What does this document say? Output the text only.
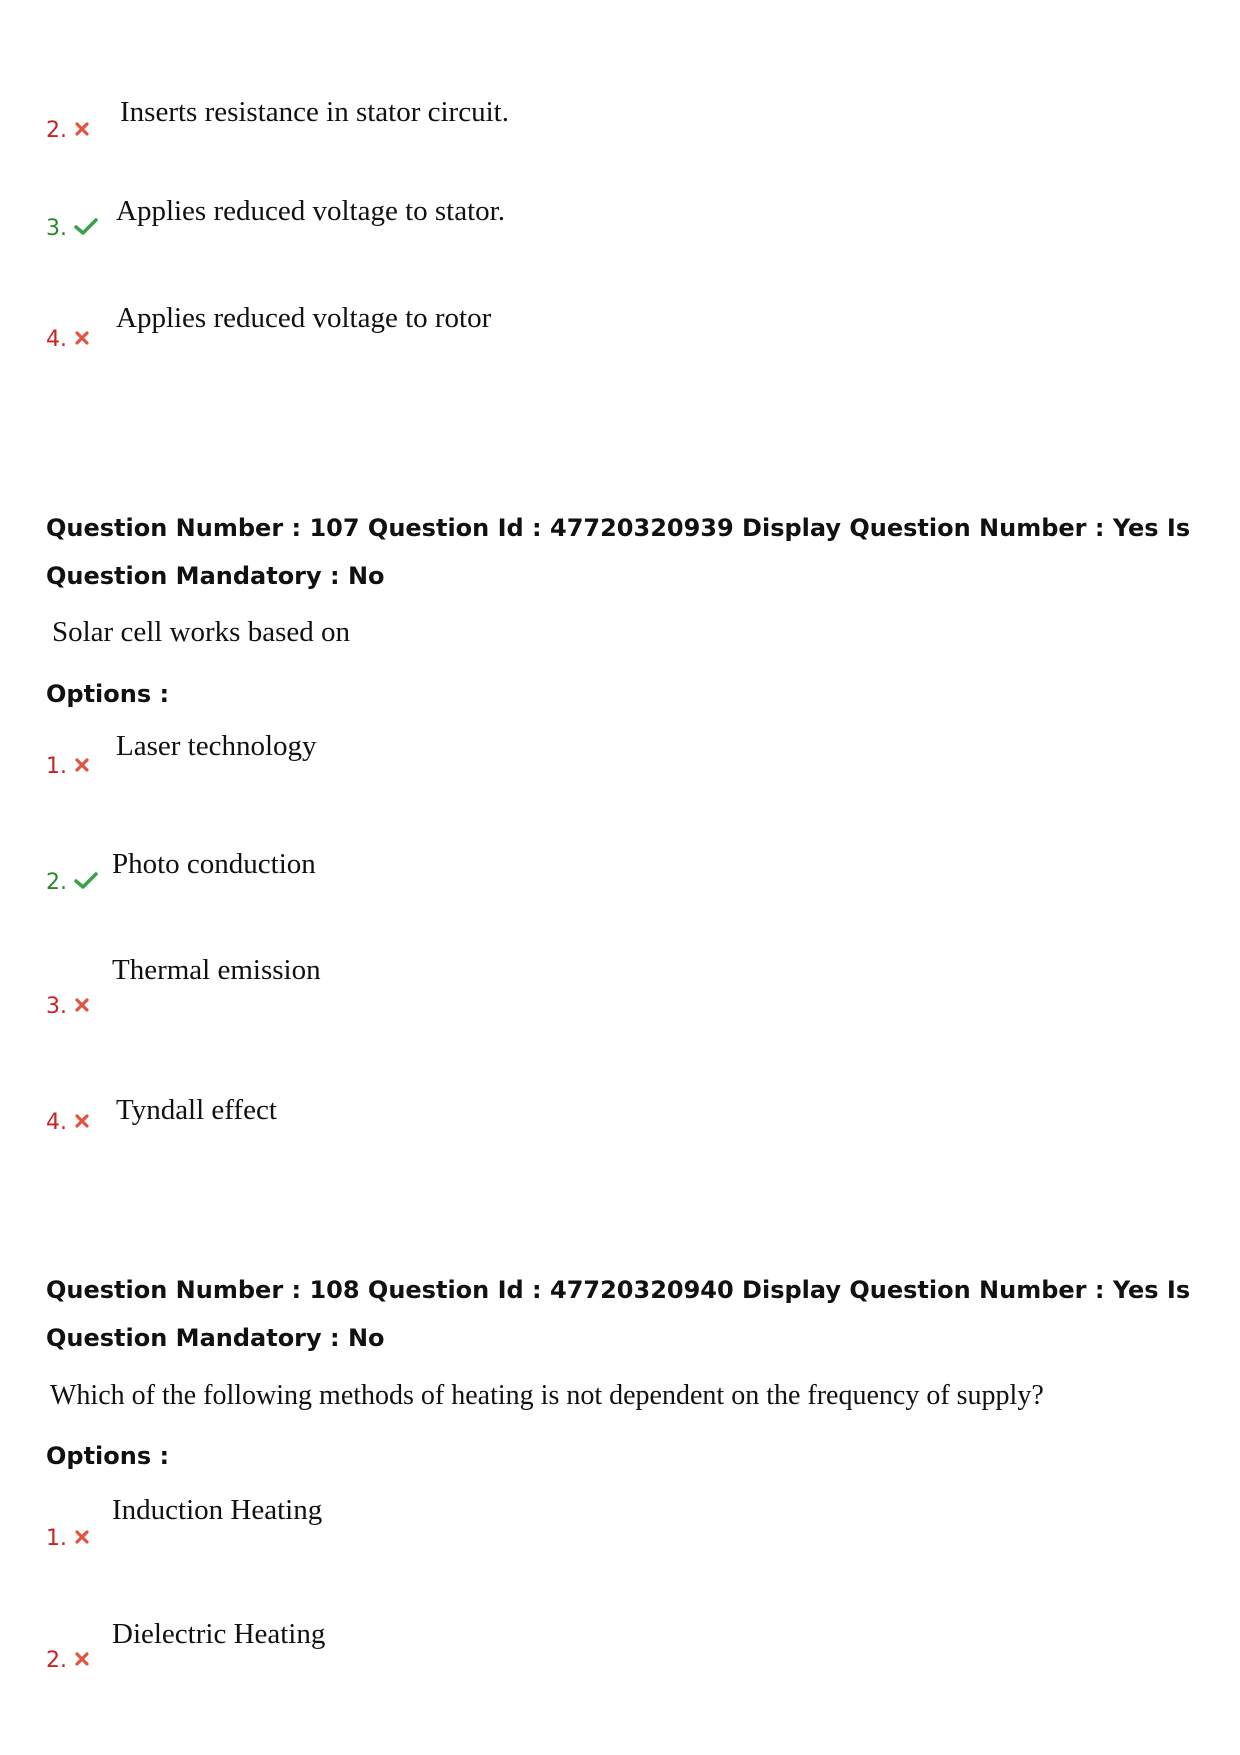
2.
Inserts resistance in stator circuit.
3.
Applies reduced voltage to stator.
4.
Applies reduced voltage to rotor
Question Number : 107 Question Id : 47720320939 Display Question Number : Yes Is Question Mandatory : No
Solar cell works based on
Options :
1.
Laser technology
2.
Photo conduction
3.
Thermal emission
4. Tyndall effect
Question Number : 108 Question Id : 47720320940 Display Question Number : Yes Is Question Mandatory : No
Which of the following methods of heating is not dependent on the frequency of supply?
Options :
1.
Induction Heating
2.
Dielectric Heating
